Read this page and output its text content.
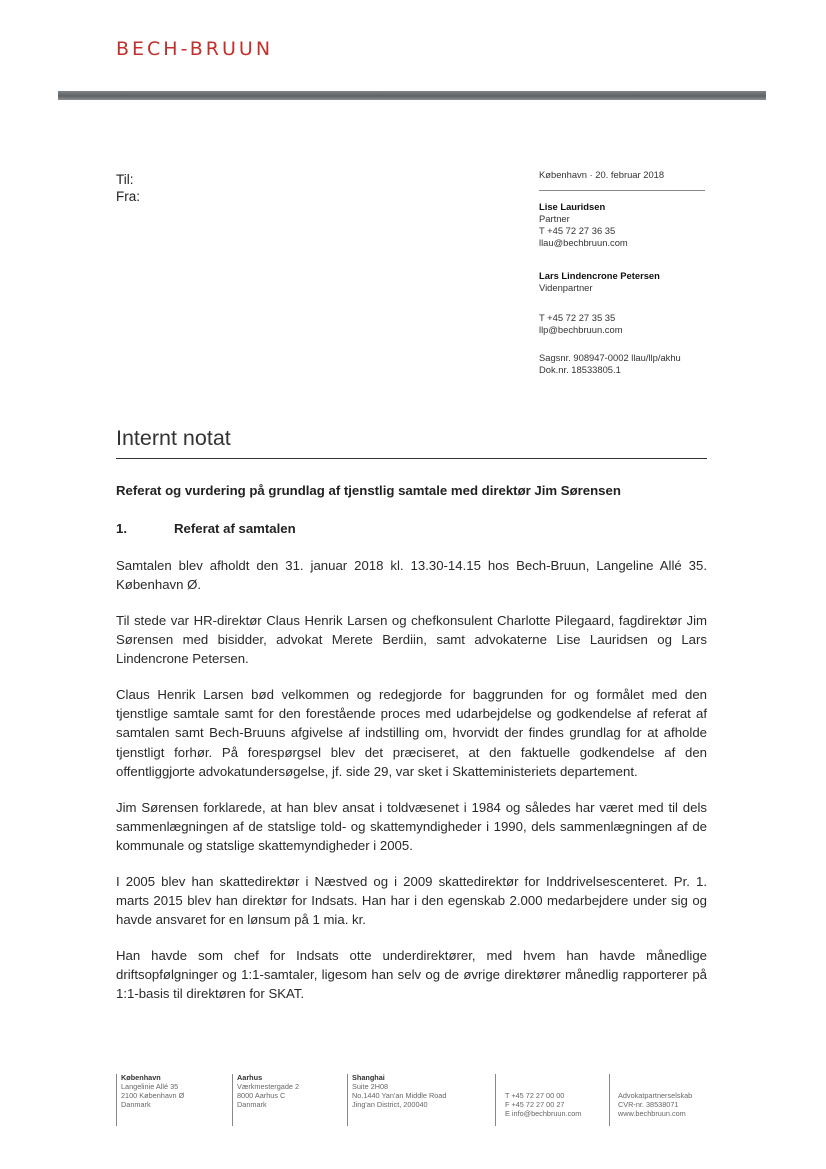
BECH-BRUUN
Til:
Fra:
København · 20. februar 2018
Lise Lauridsen
Partner
T +45 72 27 36 35
llau@bechbruun.com
Lars Lindencrone Petersen
Videnpartner
T +45 72 27 35 35
llp@bechbruun.com
Sagsnr. 908947-0002 llau/llp/akhu
Dok.nr. 18533805.1
Internt notat
Referat og vurdering på grundlag af tjenstlig samtale med direktør Jim Sørensen
1.	Referat af samtalen

Samtalen blev afholdt den 31. januar 2018 kl. 13.30-14.15 hos Bech-Bruun, Langeline Allé 35. København Ø.

Til stede var HR-direktør Claus Henrik Larsen og chefkonsulent Charlotte Pilegaard, fagdirektør Jim Sørensen med bisidder, advokat Merete Berdiin, samt advokaterne Lise Lauridsen og Lars Lindencrone Petersen.

Claus Henrik Larsen bød velkommen og redegjorde for baggrunden for og formålet med den tjenstlige samtale samt for den forestående proces med udarbejdelse og godkendelse af referat af samtalen samt Bech-Bruuns afgivelse af indstilling om, hvorvidt der findes grundlag for at afholde tjenstligt forhør. På forespørgsel blev det præciseret, at den faktuelle godkendelse af den offentliggjorte advokatundersøgelse, jf. side 29, var sket i Skatteministeriets departement.

Jim Sørensen forklarede, at han blev ansat i toldvæsenet i 1984 og således har været med til dels sammenlægningen af de statslige told- og skattemyndigheder i 1990, dels sammenlægningen af de kommunale og statslige skattemyndigheder i 2005.

I 2005 blev han skattedirektør i Næstved og i 2009 skattedirektør for Inddrivelsescenteret. Pr. 1. marts 2015 blev han direktør for Indsats. Han har i den egenskab 2.000 medarbejdere under sig og havde ansvaret for en lønsum på 1 mia. kr.

Han havde som chef for Indsats otte underdirektører, med hvem han havde månedlige driftsopfølgninger og 1:1-samtaler, ligesom han selv og de øvrige direktører månedlig rapporterer på 1:1-basis til direktøren for SKAT.

København
Langelinie Allé 35
2100 København Ø
Danmark
Aarhus
Værkmestergade 2
8000 Aarhus C
Danmark
Shanghai
Suite 2H08
No.1440 Yan'an Middle Road
Jing'an District, 200040
T +45 72 27 00 00
F +45 72 27 00 27
E info@bechbruun.com
Advokatpartnerselskab
CVR-nr. 38538071
www.bechbruun.com
